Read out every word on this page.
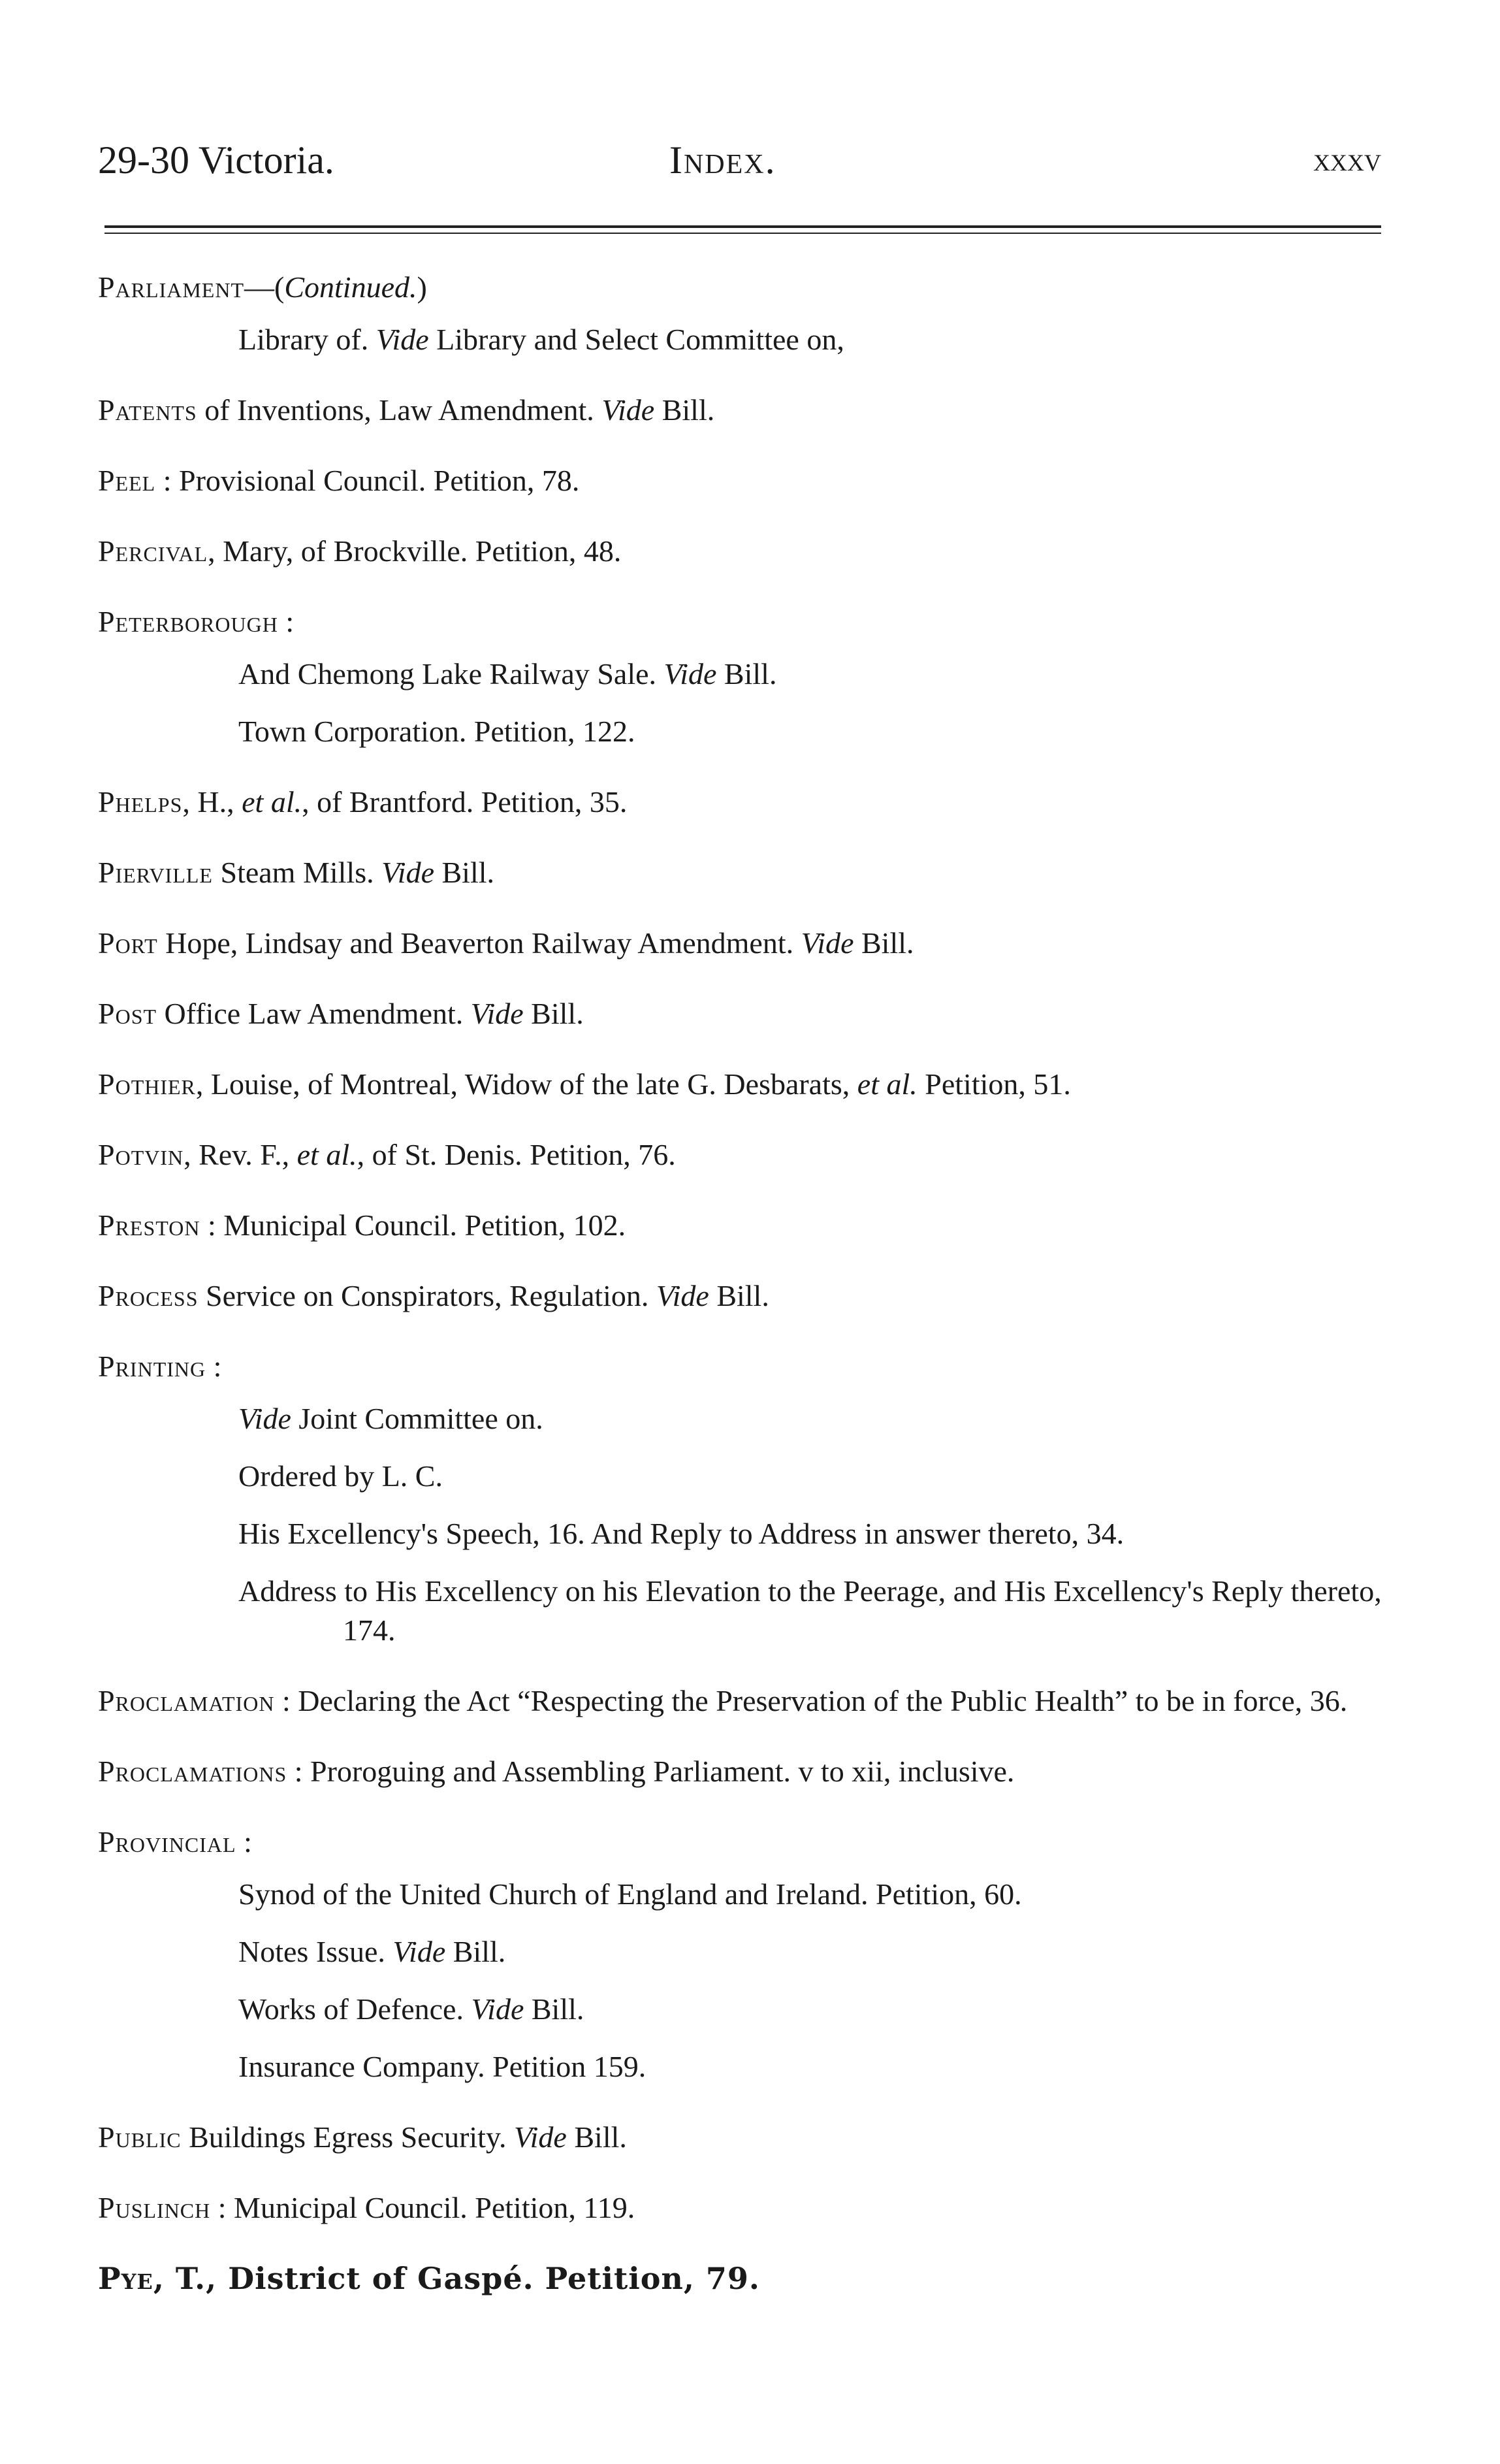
29-30 Victoria.	Index.	xxxv
Parliament—(Continued.)
Library of. Vide Library and Select Committee on,
Patents of Inventions, Law Amendment. Vide Bill.
Peel : Provisional Council. Petition, 78.
Percival, Mary, of Brockville. Petition, 48.
Peterborough :
And Chemong Lake Railway Sale. Vide Bill.
Town Corporation. Petition, 122.
Phelps, H., et al., of Brantford. Petition, 35.
Pierville Steam Mills. Vide Bill.
Port Hope, Lindsay and Beaverton Railway Amendment. Vide Bill.
Post Office Law Amendment. Vide Bill.
Pothier, Louise, of Montreal, Widow of the late G. Desbarats, et al. Petition, 51.
Potvin, Rev. F., et al., of St. Denis. Petition, 76.
Preston : Municipal Council. Petition, 102.
Process Service on Conspirators, Regulation. Vide Bill.
Printing :
Vide Joint Committee on.
Ordered by L. C.
His Excellency's Speech, 16. And Reply to Address in answer thereto, 34.
Address to His Excellency on his Elevation to the Peerage, and His Excellency's Reply thereto, 174.
Proclamation : Declaring the Act “Respecting the Preservation of the Public Health” to be in force, 36.
Proclamations : Proroguing and Assembling Parliament. v to xii, inclusive.
Provincial :
Synod of the United Church of England and Ireland. Petition, 60.
Notes Issue. Vide Bill.
Works of Defence. Vide Bill.
Insurance Company. Petition 159.
Public Buildings Egress Security. Vide Bill.
Puslinch : Municipal Council. Petition, 119.
Pye, T., District of Gaspé. Petition, 79.
